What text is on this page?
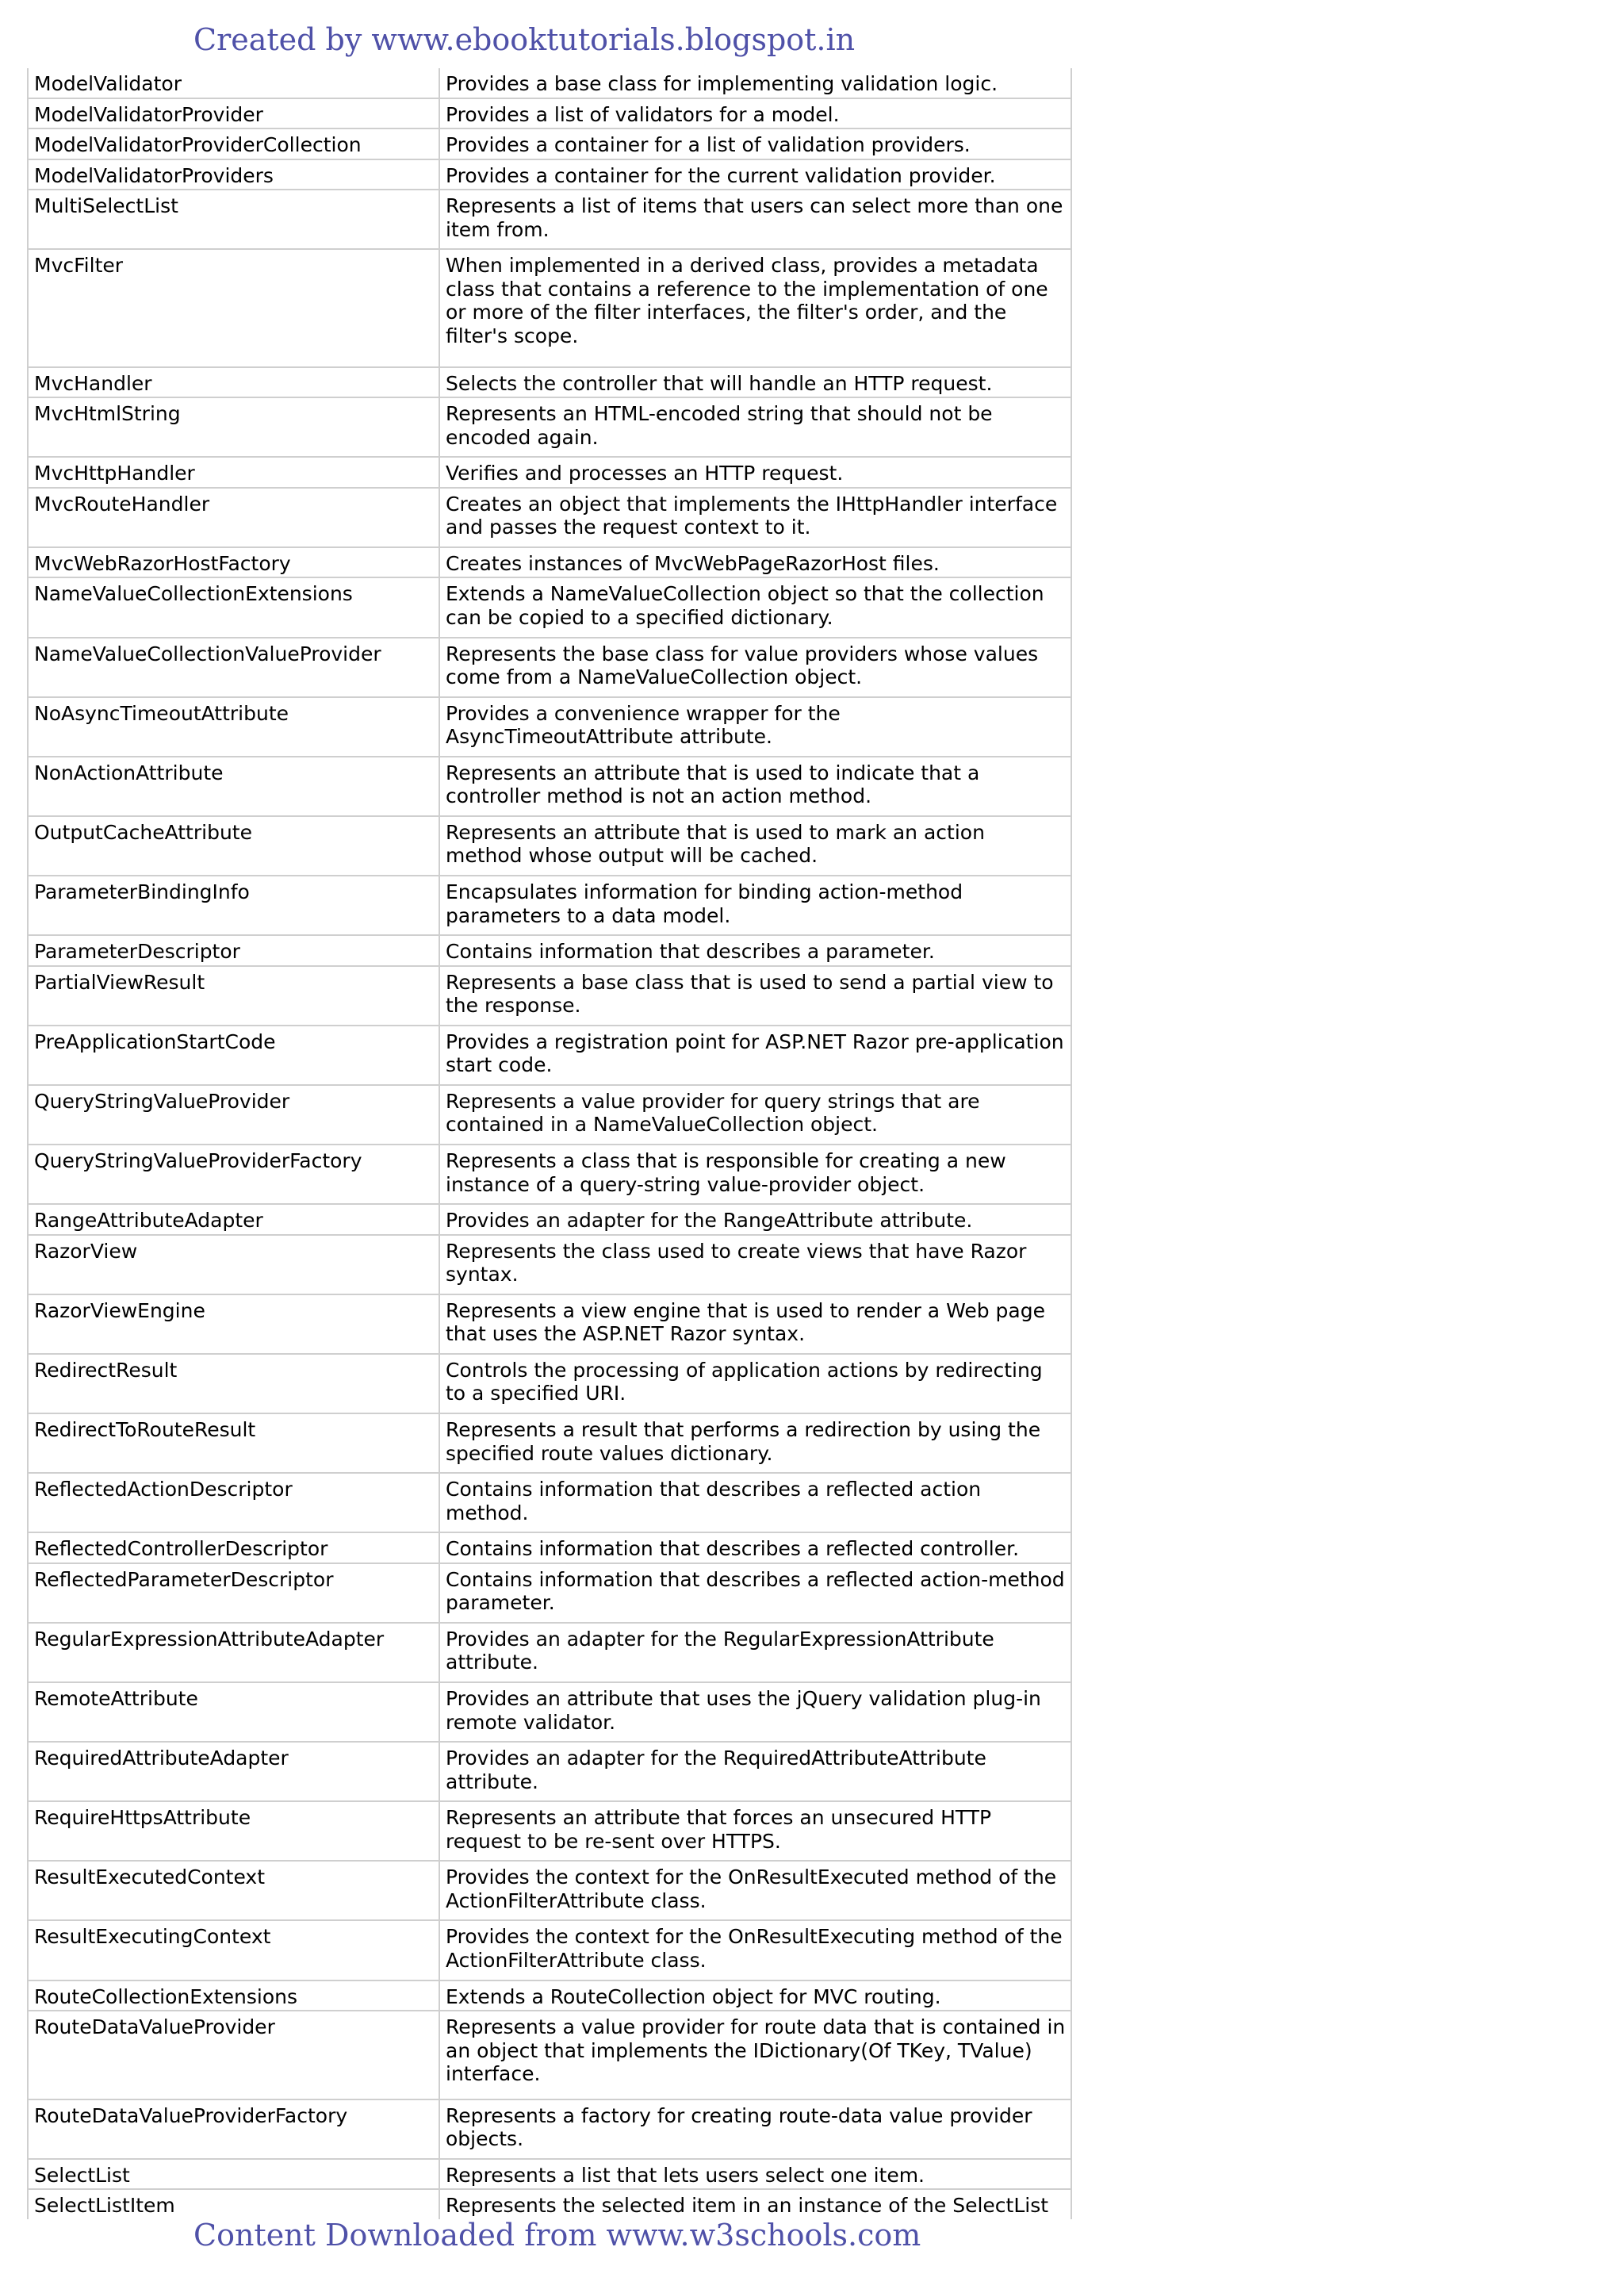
Created by www.ebooktutorials.blogspot.in
ModelValidator	Provides a base class for implementing validation logic.
ModelValidatorProvider	Provides a list of validators for a model.
ModelValidatorProviderCollection	Provides a container for a list of validation providers.
ModelValidatorProviders	Provides a container for the current validation provider.
MultiSelectList	Represents a list of items that users can select more than one item from.
MvcFilter	When implemented in a derived class, provides a metadata class that contains a reference to the implementation of one or more of the filter interfaces, the filter's order, and the filter's scope.
MvcHandler	Selects the controller that will handle an HTTP request.
MvcHtmlString	Represents an HTML-encoded string that should not be encoded again.
MvcHttpHandler	Verifies and processes an HTTP request.
MvcRouteHandler	Creates an object that implements the IHttpHandler interface and passes the request context to it.
MvcWebRazorHostFactory	Creates instances of MvcWebPageRazorHost files.
NameValueCollectionExtensions	Extends a NameValueCollection object so that the collection can be copied to a specified dictionary.
NameValueCollectionValueProvider	Represents the base class for value providers whose values come from a NameValueCollection object.
NoAsyncTimeoutAttribute	Provides a convenience wrapper for the AsyncTimeoutAttribute attribute.
NonActionAttribute	Represents an attribute that is used to indicate that a controller method is not an action method.
OutputCacheAttribute	Represents an attribute that is used to mark an action method whose output will be cached.
ParameterBindingInfo	Encapsulates information for binding action-method parameters to a data model.
ParameterDescriptor	Contains information that describes a parameter.
PartialViewResult	Represents a base class that is used to send a partial view to the response.
PreApplicationStartCode	Provides a registration point for ASP.NET Razor pre-application start code.
QueryStringValueProvider	Represents a value provider for query strings that are contained in a NameValueCollection object.
QueryStringValueProviderFactory	Represents a class that is responsible for creating a new instance of a query-string value-provider object.
RangeAttributeAdapter	Provides an adapter for the RangeAttribute attribute.
RazorView	Represents the class used to create views that have Razor syntax.
RazorViewEngine	Represents a view engine that is used to render a Web page that uses the ASP.NET Razor syntax.
RedirectResult	Controls the processing of application actions by redirecting to a specified URI.
RedirectToRouteResult	Represents a result that performs a redirection by using the specified route values dictionary.
ReflectedActionDescriptor	Contains information that describes a reflected action method.
ReflectedControllerDescriptor	Contains information that describes a reflected controller.
ReflectedParameterDescriptor	Contains information that describes a reflected action-method parameter.
RegularExpressionAttributeAdapter	Provides an adapter for the RegularExpressionAttribute attribute.
RemoteAttribute	Provides an attribute that uses the jQuery validation plug-in remote validator.
RequiredAttributeAdapter	Provides an adapter for the RequiredAttributeAttribute attribute.
RequireHttpsAttribute	Represents an attribute that forces an unsecured HTTP request to be re-sent over HTTPS.
ResultExecutedContext	Provides the context for the OnResultExecuted method of the ActionFilterAttribute class.
ResultExecutingContext	Provides the context for the OnResultExecuting method of the ActionFilterAttribute class.
RouteCollectionExtensions	Extends a RouteCollection object for MVC routing.
RouteDataValueProvider	Represents a value provider for route data that is contained in an object that implements the IDictionary(Of TKey, TValue) interface.
RouteDataValueProviderFactory	Represents a factory for creating route-data value provider objects.
SelectList	Represents a list that lets users select one item.
SelectListItem	Represents the selected item in an instance of the SelectList
Content Downloaded from www.w3schools.com
